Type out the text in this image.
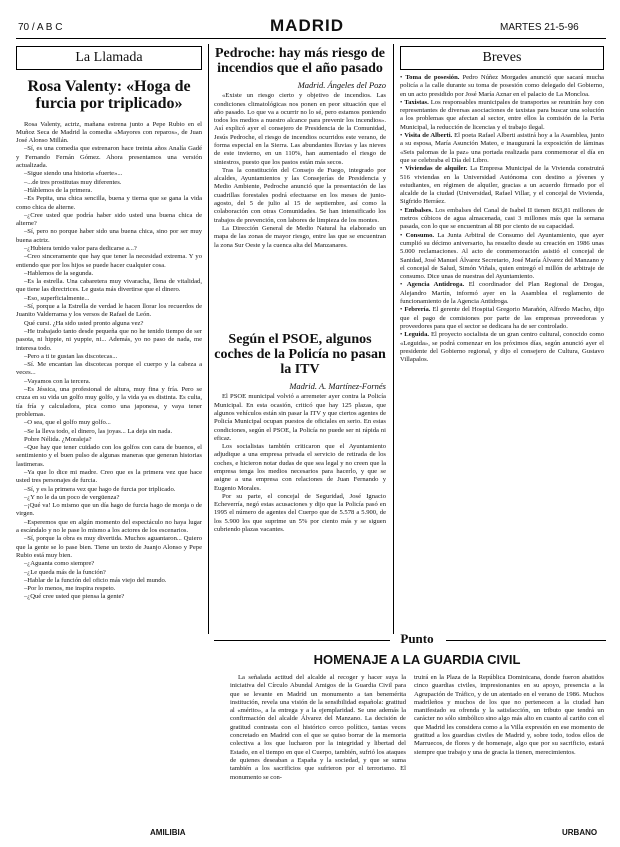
70 / A B C	MADRID	MARTES 21-5-96
La Llamada
Rosa Valenty: «Hoga de furcia por triplicado»

Rosa Valenty, actriz, mañana estrena junto a Pepe Rubio en el Muñoz Seca de Madrid la comedia «Mayores con reparos», de Juan José Alonso Millán.

–Sí, es una comedia que estrenaron hace treinta años Analía Gadé y Fernando Fernán Gómez. Ahora presentamos una versión actualizada.

–Sigue siendo una historia «fuerte»...

–...de tres prostitutas muy diferentes.

–Háblemos de la primera.

–Es Pepita, una chica sencilla, buena y tierna que se gana la vida como chica de alterne.

–¿Cree usted que podría haber sido usted una buena chica de alterne?

–Sí, pero no porque haber sido una buena chica, sino por ser muy buena actriz.

–¿Hubiera tenido valor para dedicarse a...?

–Creo sinceramente que hay que tener la necesidad extrema. Y yo entiendo que por los hijos se puede hacer cualquier cosa.

–Hablemos de la segunda.

–Es la estrella. Una cabaretera muy vivaracha, llena de vitalidad, que tiene las directrices. Le gusta más divertirse que el dinero.

–Eso, superficialmente...

–Sí, porque a la Estrella de verdad le hacen llorar los recuerdos de Juanito Valderrama y los versos de Rafael de León.

Qué cursi. ¿Ha sido usted pronto alguna vez?

–He trabajado tanto desde pequeña que no he tenido tiempo de ser pasota, ni hippie, ni yuppie, ni... Además, yo no paso de nada, me interesa todo.

–Pero a ti te gustan las discotecas...

–Sí. Me encantan las discotecas porque el cuerpo y la cabeza a veces...

–Vayamos con la tercera.

–Es Jéssica, una profesional de altura, muy fina y fría. Pero se cruza en su vida un golfo muy golfo, y la vida ya es distinta. Es culta, tía fría y calculadora, pica como una japonesa, y vaya tener problemas.

–O sea, que el golfo muy golfo...

–Se la lleva todo, el dinero, las joyas... La deja sin nada.

Pobre Nélida. ¿Moraleja?

–Que hay que tener cuidado con los golfos con cara de buenos, el sentimiento y el buen pulso de algunas maneras que generan historias lastimeras.

–Ya que lo dice mi madre. Creo que es la primera vez que hace usted tres personajes de furcia.

–Sí, y es la primera vez que hago de furcia por triplicado.

–¿Y no le da un poco de vergüenza?

–¡Qué va! Lo mismo que un día hago de furcia hago de monja o de virgen.

–Esperemos que en algún momento del espectáculo no haya lugar a escándalo y no le pase lo mismo a los actores de los escenarios.

–Sí, porque la obra es muy divertida. Muchos aguantaron... Quiero que la gente se lo pase bien. Tiene un texto de Juanjo Alonso y Pepe Rubio está muy bien.

–¿Aguanta como siempre?

–¿Le queda más de la función?

–Hablar de la función del oficio más viejo del mundo.

–Por lo menos, me inspira respeto.

–¿Qué cree usted que piensa la gente?

AMILIBIA
Pedroche: hay más riesgo de incendios que el año pasado
Madrid. Ángeles del Pozo

«Existe un riesgo cierto y objetivo de incendios. Las condiciones climatológicas nos ponen en peor situación que el año pasado. Lo que va a ocurrir no lo sé, pero estamos poniendo todos los medios a nuestro alcance para prevenir los incendios». Así explicó ayer el consejero de Presidencia de la Comunidad, Jesús Pedroche, el riesgo de incendios ocurridos este verano, de forma especial en la Sierra. Las abundantes lluvias y las nieves de este invierno, en un 110%, han aumentado el riesgo de siniestros, puesto que los pastos están más secos.

Tras la constitución del Consejo de Fuego, integrado por alcaldes, Ayuntamientos y las Consejerías de Presidencia y Medio Ambiente, Pedroche anunció que la presentación de las cuadrillas forestales podrá efectuarse en los meses de junio-agosto, del 5 de julio al 15 de septiembre, así como la colaboración con otras Comunidades. Se han intensificado los trabajos de prevención, con labores de limpieza de los montes.

La Dirección General de Medio Natural ha elaborado un mapa de las zonas de mayor riesgo, entre las que se encuentran la zona Sur Oeste y la cuenca alta del Manzanares.

Según el PSOE, algunos coches de la Policía no pasan la ITV
Madrid. A. Martínez-Fornés

El PSOE municipal volvió a arremeter ayer contra la Policía Municipal. En esta ocasión, criticó que hay 125 plazas, que algunos vehículos están sin pasar la ITV y que ciertos agentes de Policía Municipal ocupan puestos de oficiales en serio. En estas condiciones, según el PSOE, la Policía no puede ser ni rápida ni eficaz.

Los socialistas también criticaron que el Ayuntamiento adjudique a una empresa privada el servicio de retirada de los coches, e hicieron notar dudas de que sea legal y no creen que la empresa tenga los medios necesarios para hacerlo, y que se asigne a una empresa con relaciones de Juan Fernando y Eugenio Morales.

Por su parte, el concejal de Seguridad, José Ignacio Echeverría, negó estas acusaciones y dijo que la Policía pasó en 1995 el número de agentes del Cuerpo que de 5.578 a 5.900, de los 5.900 los que suprime un 5% por ciento más y se siguen cubriendo plazas vacantes.

Breves

• Toma de posesión. Pedro Núñez Morgades anunció que sacará mucha policía a la calle durante su toma de posesión como delegado del Gobierno, en un acto presidido por José María Aznar en el palacio de La Moncloa.

• Taxistas. Los responsables municipales de transportes se reunirán hoy con representantes de diversas asociaciones de taxistas para buscar una solución a los problemas que afectan al sector, entre ellos la comisión de la Feria Municipal, la reducción de licencias y el trabajo ilegal.

• Visita de Alberti. El poeta Rafael Alberti asistirá hoy a la Asamblea, junto a su esposa, María Asunción Mateo, e inaugurará la exposición de láminas «Seis palomas de la paz» una portada realizada para conmemorar el día en que se celebraba el Día del Libro.

• Viviendas de alquiler. La Empresa Municipal de la Vivienda construirá 516 viviendas en la Universidad Autónoma con destino a jóvenes y estudiantes, en régimen de alquiler, gracias a un acuerdo firmado por el alcalde de la ciudad (Universidad, Rafael Villar, y el concejal de Vivienda, Sigfrido Herráez.

• Embalses. Los embalses del Canal de Isabel II tienen 863,81 millones de metros cúbicos de agua almacenada, casi 3 millones más que la semana pasada, con lo que se encuentran al 88 por ciento de su capacidad.

• Consumo. La Junta Arbitral de Consumo del Ayuntamiento, que ayer cumplió su décimo aniversario, ha resuelto desde su creación en 1986 unas 5.000 reclamaciones. Al acto de conmemoración asistió el concejal de Sanidad, José Manuel Álvarez Secretario, José María Álvarez del Manzano y el concejal de Salud, Simón Viñals, quien entregó el millón de arbitraje de consumo. Dice unas de nuestras del Ayuntamiento.

• Agencia Antidroga. El coordinador del Plan Regional de Drogas, Alejandro Martín, informó ayer en la Asamblea el reglamento de funcionamiento de la Agencia Antidroga.

• Febrería. El gerente del Hospital Gregorio Marañón, Alfredo Macho, dijo que el pago de comisiones por parte de las empresas proveedoras y proveedores para que el sector se dedicara ha de ser controlado.

• Leguida. El proyecto socialista de un gran centro cultural, conocido como «Leguida», se podrá comenzar en los próximos días, según anunció ayer el presidente del Gobierno regional, y dijo el consejero de Cultura, Gustavo Villapalos.

Punto
HOMENAJE A LA GUARDIA CIVIL

La señalada actitud del alcalde al recoger y hacer suya la iniciativa del Círculo Abundal Amigos de la Guardia Civil para que se levante en Madrid un monumento a tan benemérita institución, revela una visión de la sensibilidad española: gratitud al «mérito», a la entrega y a la ejemplaridad. Se une además la confirmación del alcalde Álvarez del Manzano. La decisión de gratitud contrasta con el histórico cerco político, tantas veces concretado en Madrid con el que se quiso borrar de la memoria colectiva a los que lucharon por la integridad y libertad del Estado, en el tiempo en que el Cuerpo, también, sufrió los ataques de quienes deseaban a España y la sociedad, y que se suma también a los sacrificios que sufrieron por el terrorismo. El monumento se con-

truirá en la Plaza de la República Dominicana, donde fueron abatidos cinco guardias civiles, impresionantes en su apoyo, presencia a la Agrupación de Tráfico, y de un atentado en el verano de 1986. Muchos madrileños y muchos de los que no pertenecen a la ciudad han manifestado su ofrenda y la satisfacción, un tributo que tendrá un carácter no sólo simbólico sino algo más alto en cuanto al cariño con el que Madrid les considera como a la Villa expresión en ese momento de gratitud a los guardias civiles de Madrid y, sobre todo, todos ellos de Marruecos, de flores y de homenaje, algo que por su sacrificio, estará siempre que trabajo y una de gracia la tienen, merecimientos.

URBANO
